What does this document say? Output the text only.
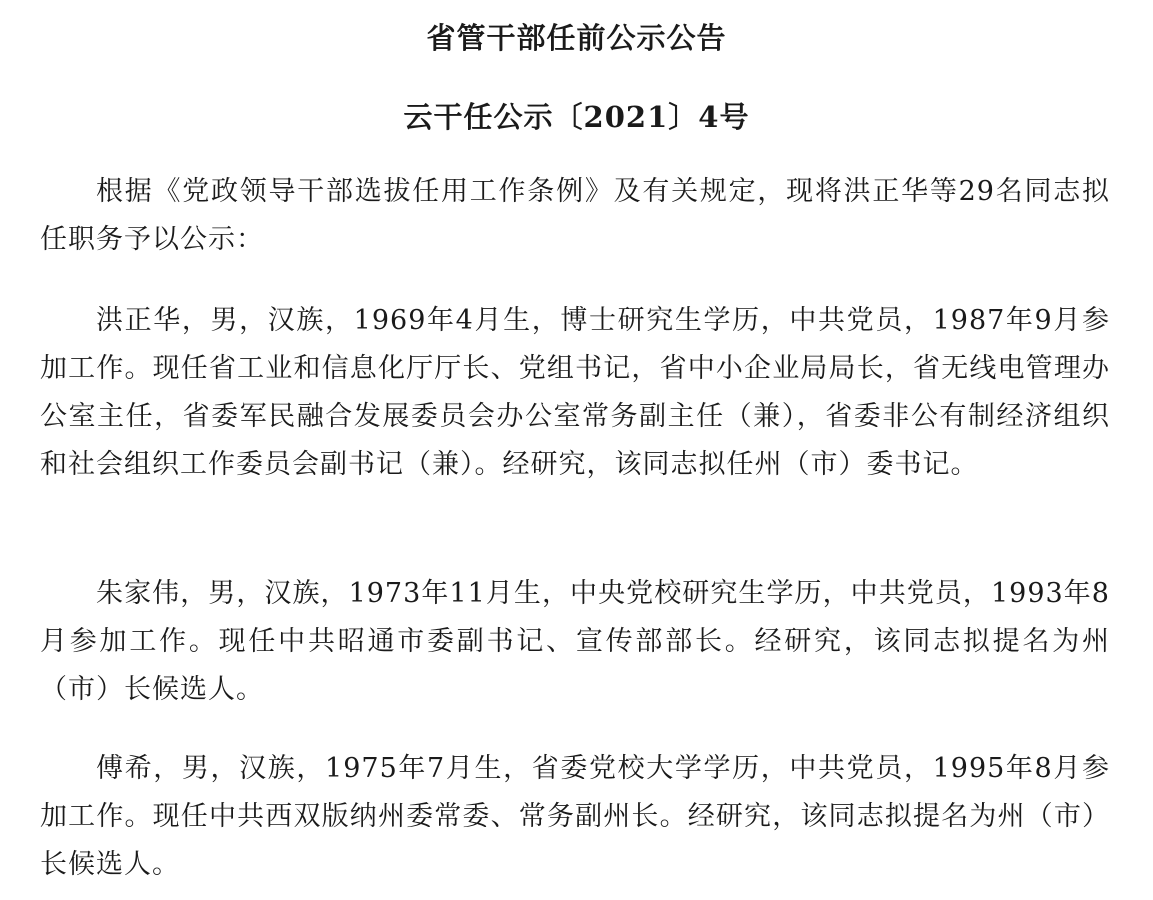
省管干部任前公示公告
云干任公示〔2021〕4号

根据《党政领导干部选拔任用工作条例》及有关规定，现将洪正华等29名同志拟任职务予以公示：

洪正华，男，汉族，1969年4月生，博士研究生学历，中共党员，1987年9月参加工作。现任省工业和信息化厅厅长、党组书记，省中小企业局局长，省无线电管理办公室主任，省委军民融合发展委员会办公室常务副主任（兼），省委非公有制经济组织和社会组织工作委员会副书记（兼）。经研究，该同志拟任州（市）委书记。

朱家伟，男，汉族，1973年11月生，中央党校研究生学历，中共党员，1993年8月参加工作。现任中共昭通市委副书记、宣传部部长。经研究，该同志拟提名为州（市）长候选人。

傅希，男，汉族，1975年7月生，省委党校大学学历，中共党员，1995年8月参加工作。现任中共西双版纳州委常委、常务副州长。经研究，该同志拟提名为州（市）长候选人。
